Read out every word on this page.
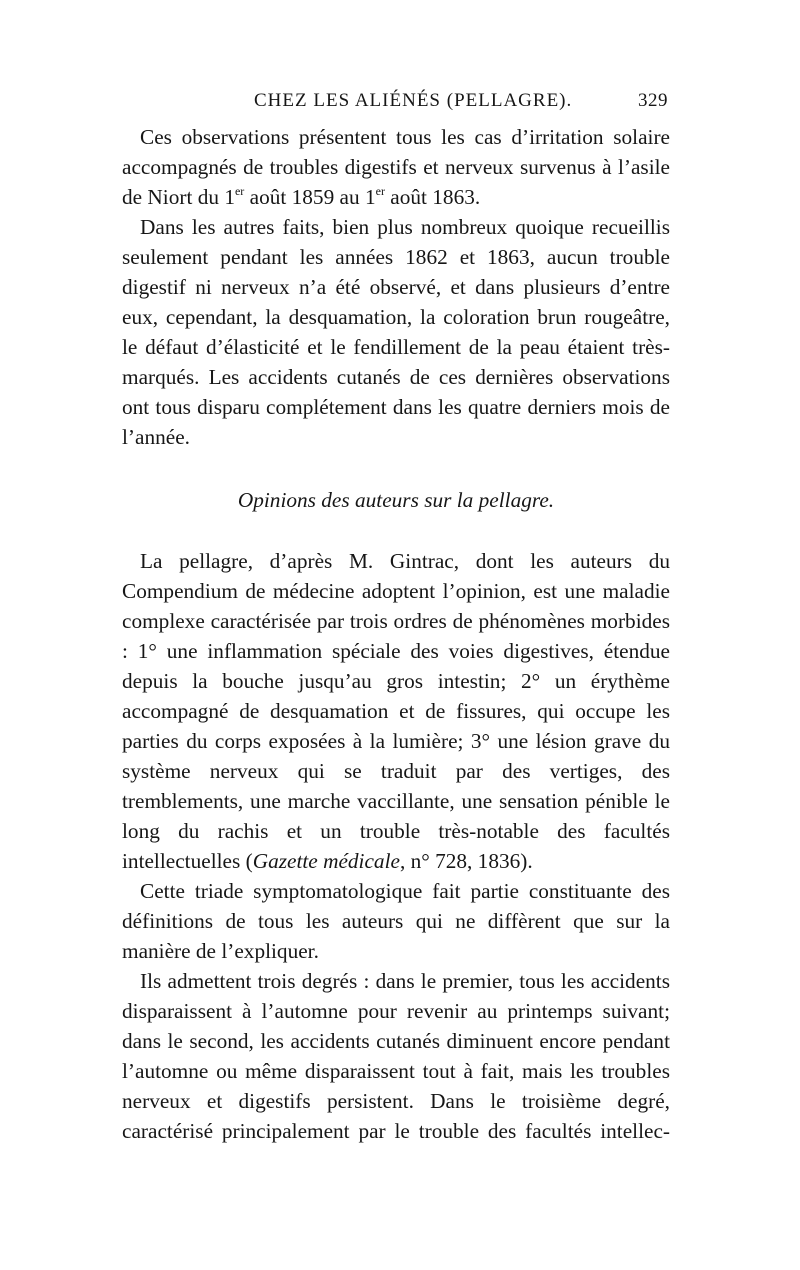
CHEZ LES ALIÉNÉS (PELLAGRE).	329

Ces observations présentent tous les cas d’irritation solaire accompagnés de troubles digestifs et nerveux survenus à l’asile de Niort du 1er août 1859 au 1er août 1863.

Dans les autres faits, bien plus nombreux quoique recueillis seulement pendant les années 1862 et 1863, aucun trouble digestif ni nerveux n’a été observé, et dans plusieurs d’entre eux, cependant, la desquamation, la coloration brun rougeâtre, le défaut d’élasticité et le fendillement de la peau étaient très-marqués. Les accidents cutanés de ces dernières observations ont tous disparu complétement dans les quatre derniers mois de l’année.

Opinions des auteurs sur la pellagre.

La pellagre, d’après M. Gintrac, dont les auteurs du Compendium de médecine adoptent l’opinion, est une maladie complexe caractérisée par trois ordres de phénomènes morbides : 1° une inflammation spéciale des voies digestives, étendue depuis la bouche jusqu’au gros intestin; 2° un érythème accompagné de desquamation et de fissures, qui occupe les parties du corps exposées à la lumière; 3° une lésion grave du système nerveux qui se traduit par des vertiges, des tremblements, une marche vaccillante, une sensation pénible le long du rachis et un trouble très-notable des facultés intellectuelles (Gazette médicale, n° 728, 1836).

Cette triade symptomatologique fait partie constituante des définitions de tous les auteurs qui ne diffèrent que sur la manière de l’expliquer.

Ils admettent trois degrés : dans le premier, tous les accidents disparaissent à l’automne pour revenir au printemps suivant; dans le second, les accidents cutanés diminuent encore pendant l’automne ou même disparaissent tout à fait, mais les troubles nerveux et digestifs persistent. Dans le troisième degré, caractérisé principalement par le trouble des facultés intellec-
